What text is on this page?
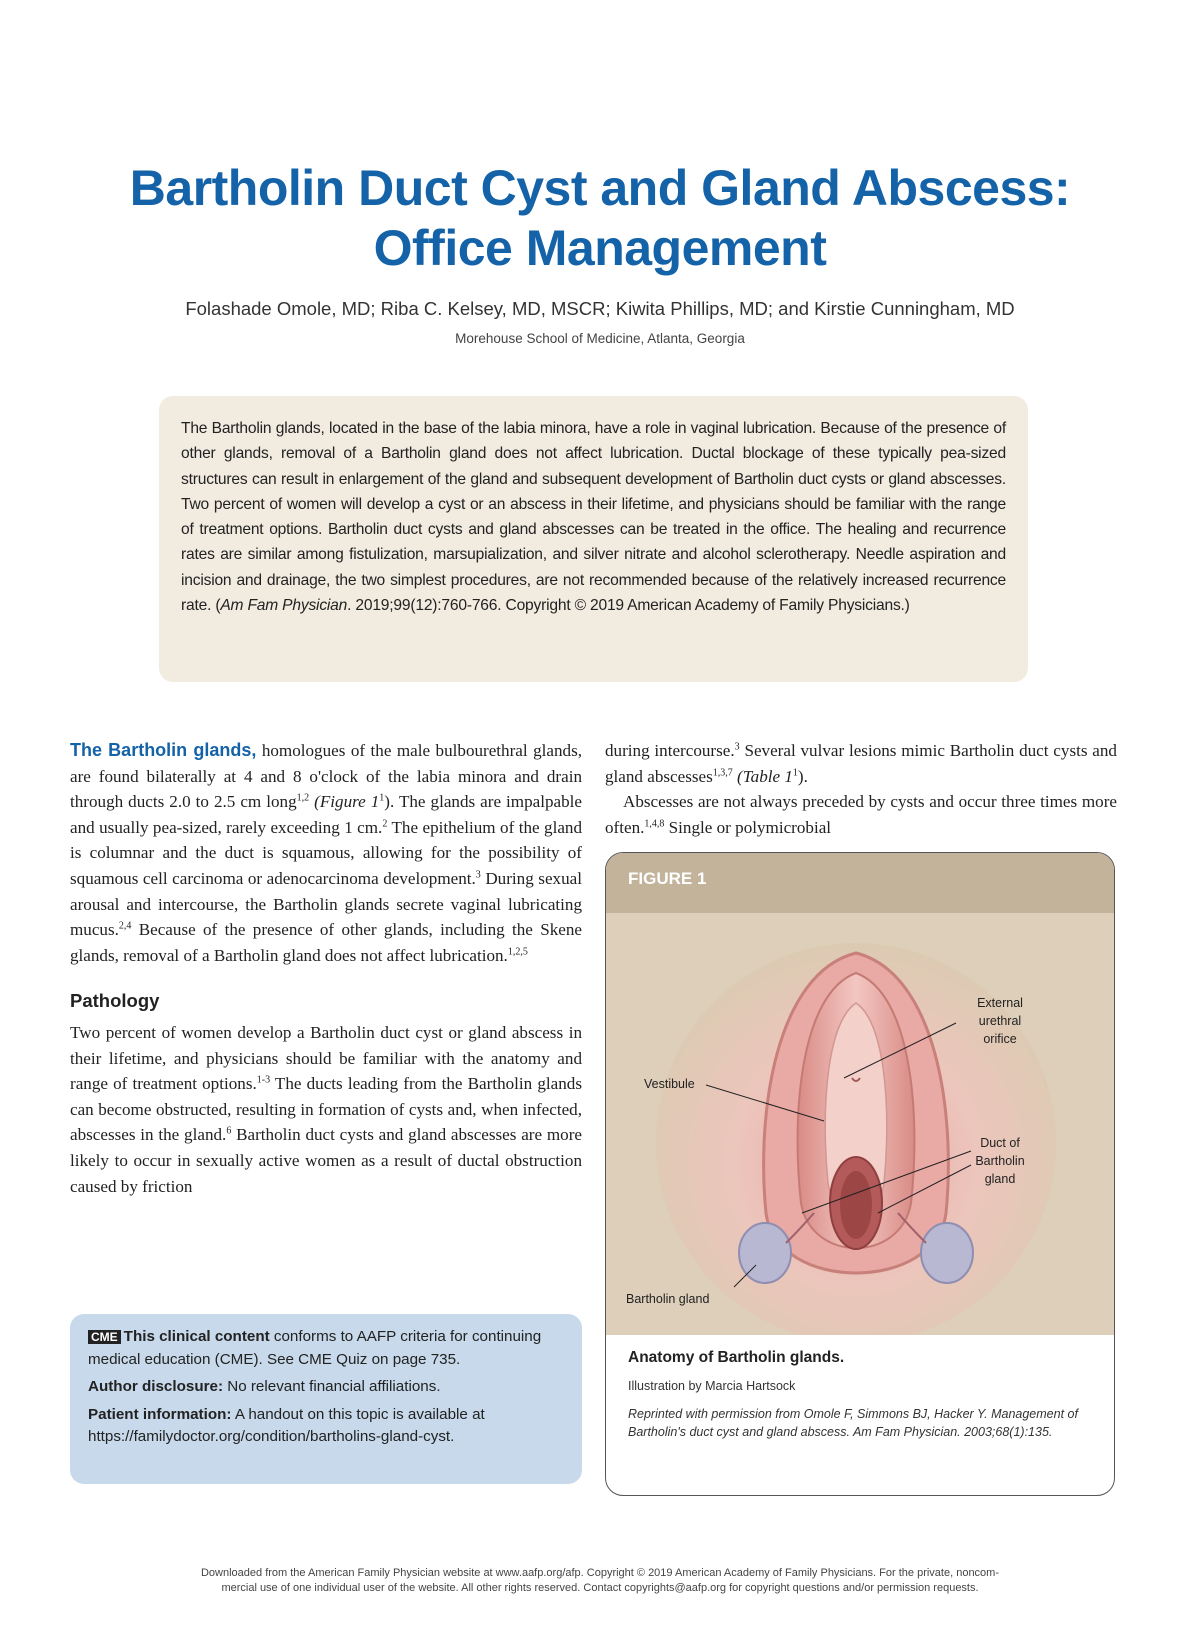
Bartholin Duct Cyst and Gland Abscess:
Office Management
Folashade Omole, MD; Riba C. Kelsey, MD, MSCR; Kiwita Phillips, MD; and Kirstie Cunningham, MD
Morehouse School of Medicine, Atlanta, Georgia

The Bartholin glands, located in the base of the labia minora, have a role in vaginal lubrication. Because of the presence of other glands, removal of a Bartholin gland does not affect lubrication. Ductal blockage of these typically pea-sized structures can result in enlargement of the gland and subsequent development of Bartholin duct cysts or gland abscesses. Two percent of women will develop a cyst or an abscess in their lifetime, and physicians should be familiar with the range of treatment options. Bartholin duct cysts and gland abscesses can be treated in the office. The healing and recurrence rates are similar among fistulization, marsupialization, and silver nitrate and alcohol sclerotherapy. Needle aspiration and incision and drainage, the two simplest procedures, are not recommended because of the relatively increased recurrence rate. (Am Fam Physician. 2019;99(12):760-766. Copyright © 2019 American Academy of Family Physicians.)

The Bartholin glands, homologues of the male bulbourethral glands, are found bilaterally at 4 and 8 o'clock of the labia minora and drain through ducts 2.0 to 2.5 cm long$^{1,2}$ (Figure $1^1$). The glands are impalpable and usually pea-sized, rarely exceeding 1 cm.$^2$ The epithelium of the gland is columnar and the duct is squamous, allowing for the possibility of squamous cell carcinoma or adenocarcinoma development.$^3$ During sexual arousal and intercourse, the Bartholin glands secrete vaginal lubricating mucus.$^{2,4}$ Because of the presence of other glands, including the Skene glands, removal of a Bartholin gland does not affect lubrication.$^{1,2,5}$

Pathology

Two percent of women develop a Bartholin duct cyst or gland abscess in their lifetime, and physicians should be familiar with the anatomy and range of treatment options.$^{1-3}$ The ducts leading from the Bartholin glands can become obstructed, resulting in formation of cysts and, when infected, abscesses in the gland.$^6$ Bartholin duct cysts and gland abscesses are more likely to occur in sexually active women as a result of ductal obstruction caused by friction

during intercourse.$^3$ Several vulvar lesions mimic Bartholin duct cysts and gland abscesses$^{1,3,7}$ (Table $1^1$).

Abscesses are not always preceded by cysts and occur three times more often.$^{1,4,8}$ Single or polymicrobial

CME This clinical content conforms to AAFP criteria for continuing medical education (CME). See CME Quiz on page 735.

Author disclosure: No relevant financial affiliations.

Patient information: A handout on this topic is available at https://familydoctor.org/condition/bartholins-gland-cyst.

FIGURE 1
External
urethral
orifice
Vestibule
Duct of
Bartholin
gland
Bartholin gland
Anatomy of Bartholin glands.
Illustration by Marcia Hartsock
Reprinted with permission from Omole F, Simmons BJ, Hacker Y. Management of Bartholin's duct cyst and gland abscess. Am Fam Physician. 2003;68(1):135.
Downloaded from the American Family Physician website at www.aafp.org/afp. Copyright © 2019 American Academy of Family Physicians. For the private, noncom-
mercial use of one individual user of the website. All other rights reserved. Contact copyrights@aafp.org for copyright questions and/or permission requests.
